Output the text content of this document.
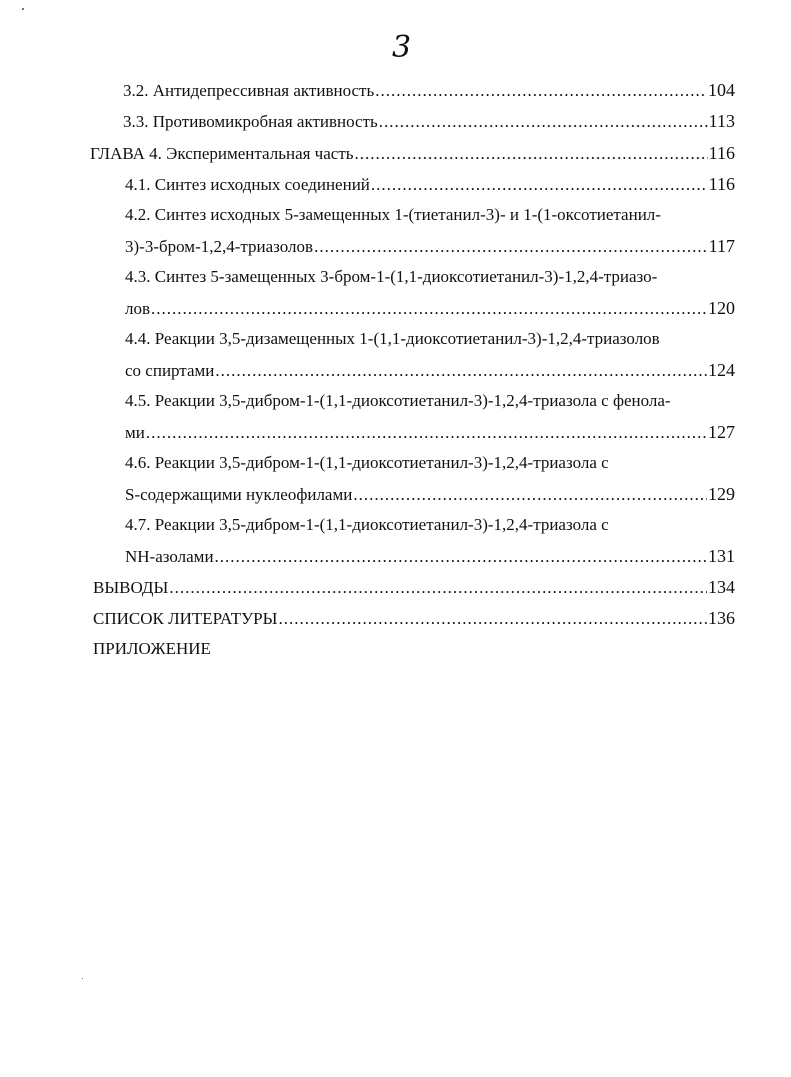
3
3.2. Антидепрессивная активность .....	104
3.3. Противомикробная активность .....	113
ГЛАВА 4. Экспериментальная часть .....	116
4.1. Синтез исходных соединений .....	116
4.2. Синтез исходных 5-замещенных 1-(тиетанил-3)- и 1-(1-оксотиетанил-
3)-3-бром-1,2,4-триазолов .....	117
4.3. Синтез 5-замещенных 3-бром-1-(1,1-диоксотиетанил-3)-1,2,4-триазо-
лов .....	120
4.4. Реакции 3,5-дизамещенных 1-(1,1-диоксотиетанил-3)-1,2,4-триазолов
со спиртами .....	124
4.5. Реакции 3,5-дибром-1-(1,1-диоксотиетанил-3)-1,2,4-триазола с фенола-
ми .....	127
4.6. Реакции 3,5-дибром-1-(1,1-диоксотиетанил-3)-1,2,4-триазола с
S-содержащими нуклеофилами .....	129
4.7. Реакции 3,5-дибром-1-(1,1-диоксотиетанил-3)-1,2,4-триазола с
NH-азолами .....	131
ВЫВОДЫ .....	134
СПИСОК ЛИТЕРАТУРЫ .....	136
ПРИЛОЖЕНИЕ
